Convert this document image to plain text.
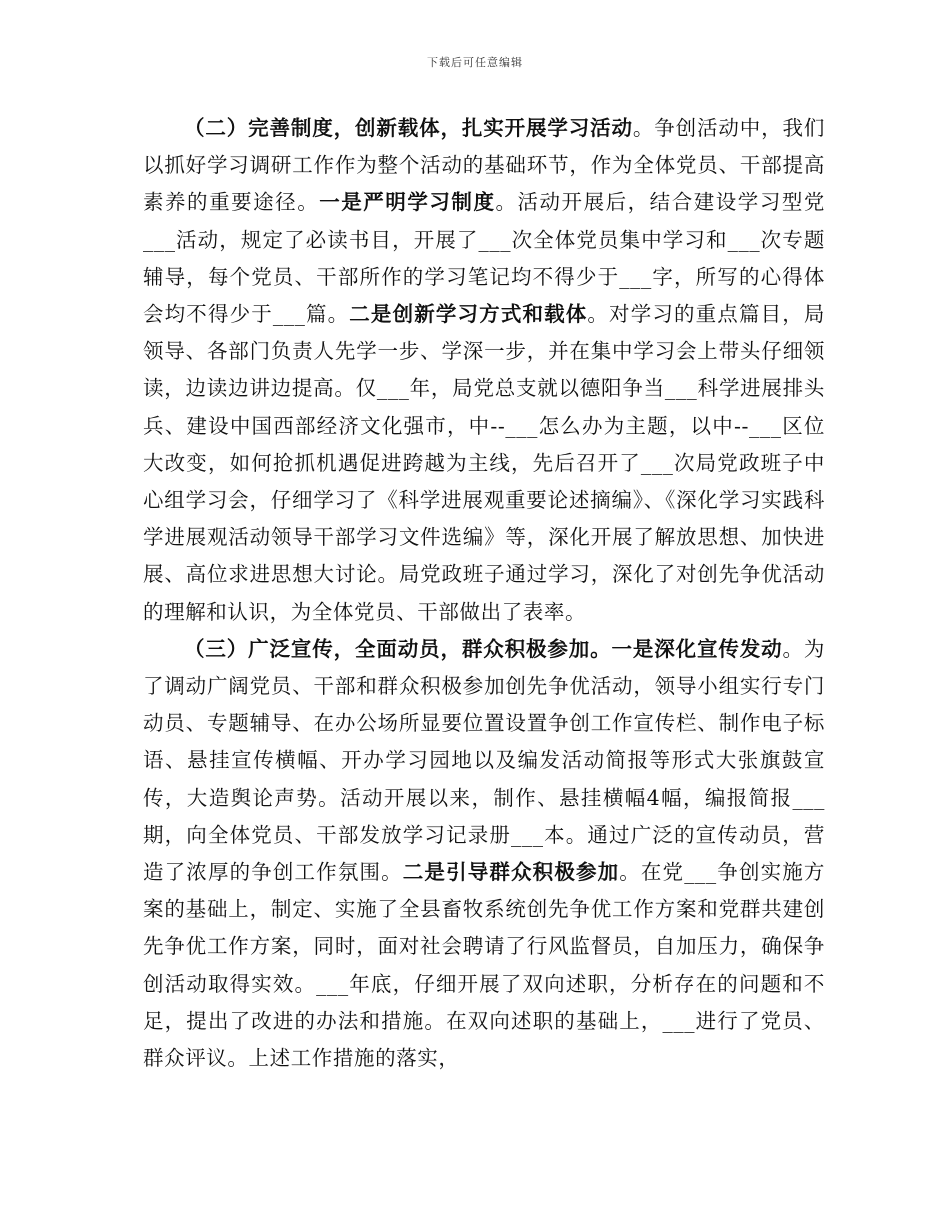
下载后可任意编辑

（二）完善制度，创新载体，扎实开展学习活动。争创活动中，我们以抓好学习调研工作作为整个活动的基础环节，作为全体党员、干部提高素养的重要途径。一是严明学习制度。活动开展后，结合建设学习型党___活动，规定了必读书目，开展了___次全体党员集中学习和___次专题辅导，每个党员、干部所作的学习笔记均不得少于___字，所写的心得体会均不得少于___篇。二是创新学习方式和载体。对学习的重点篇目，局领导、各部门负责人先学一步、学深一步，并在集中学习会上带头仔细领读，边读边讲边提高。仅___年，局党总支就以德阳争当___科学进展排头兵、建设中国西部经济文化强市，中--___怎么办为主题，以中--___区位大改变，如何抢抓机遇促进跨越为主线，先后召开了___次局党政班子中心组学习会，仔细学习了《科学进展观重要论述摘编》、《深化学习实践科学进展观活动领导干部学习文件选编》等，深化开展了解放思想、加快进展、高位求进思想大讨论。局党政班子通过学习，深化了对创先争优活动的理解和认识，为全体党员、干部做出了表率。

（三）广泛宣传，全面动员，群众积极参加。一是深化宣传发动。为了调动广阔党员、干部和群众积极参加创先争优活动，领导小组实行专门动员、专题辅导、在办公场所显要位置设置争创工作宣传栏、制作电子标语、悬挂宣传横幅、开办学习园地以及编发活动简报等形式大张旗鼓宣传，大造舆论声势。活动开展以来，制作、悬挂横幅4幅，编报简报___期，向全体党员、干部发放学习记录册___本。通过广泛的宣传动员，营造了浓厚的争创工作氛围。二是引导群众积极参加。在党___争创实施方案的基础上，制定、实施了全县畜牧系统创先争优工作方案和党群共建创先争优工作方案，同时，面对社会聘请了行风监督员，自加压力，确保争创活动取得实效。___年底，仔细开展了双向述职，分析存在的问题和不足，提出了改进的办法和措施。在双向述职的基础上，___进行了党员、群众评议。上述工作措施的落实，
